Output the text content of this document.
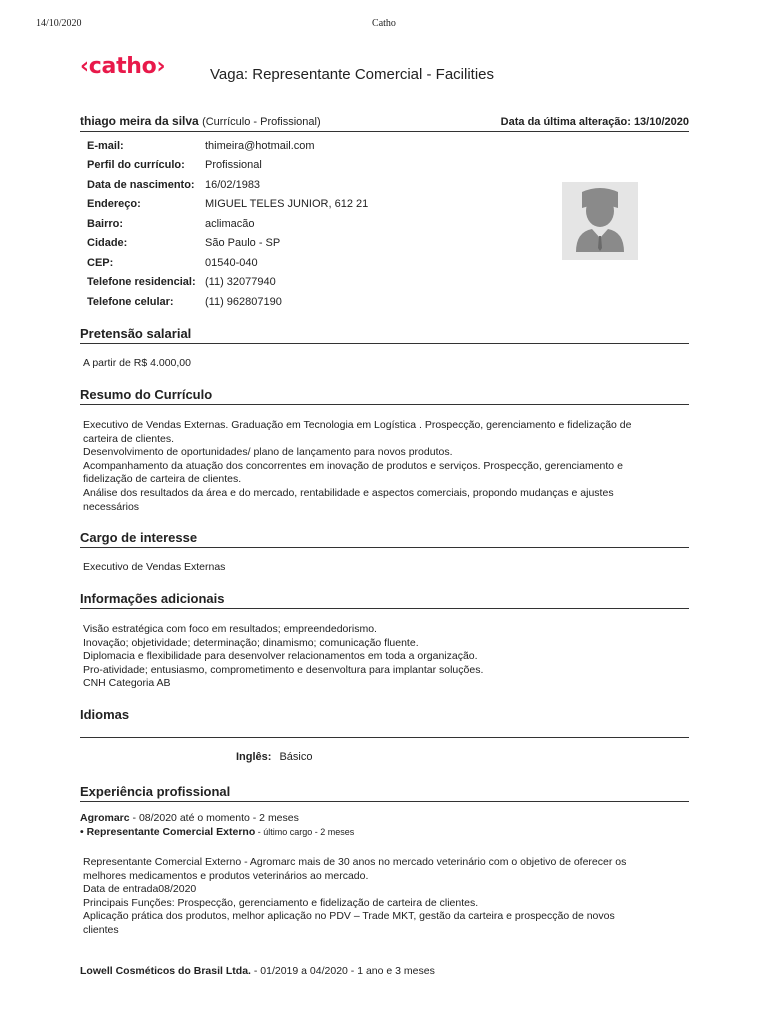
14/10/2020	Catho
‹catho›	Vaga: Representante Comercial - Facilities
thiago meira da silva (Currículo - Profissional)	Data da última alteração: 13/10/2020
E-mail:	thimeira@hotmail.com
Perfil do currículo:	Profissional
Data de nascimento: 16/02/1983
Endereço:	MIGUEL TELES JUNIOR, 612 21
Bairro:	aclimacão
Cidade:	São Paulo - SP
CEP:	01540-040
Telefone residencial: (11) 32077940
Telefone celular:	(11) 962807190
Pretensão salarial
A partir de R$ 4.000,00
Resumo do Currículo
Executivo de Vendas Externas. Graduação em Tecnologia em Logística . Prospecção, gerenciamento e fidelização de
carteira de clientes.
Desenvolvimento de oportunidades/ plano de lançamento para novos produtos.
Acompanhamento da atuação dos concorrentes em inovação de produtos e serviços. Prospecção, gerenciamento e
fidelização de carteira de clientes.
Análise dos resultados da área e do mercado, rentabilidade e aspectos comerciais, propondo mudanças e ajustes
necessários
Cargo de interesse
Executivo de Vendas Externas
Informações adicionais
Visão estratégica com foco em resultados; empreendedorismo.
Inovação; objetividade; determinação; dinamismo; comunicação fluente.
Diplomacia e flexibilidade para desenvolver relacionamentos em toda a organização.
Pro-atividade; entusiasmo, comprometimento e desenvoltura para implantar soluções.
CNH Categoria AB
Idiomas
Inglês: Básico
Experiência profissional
Agromarc - 08/2020 até o momento - 2 meses
• Representante Comercial Externo - último cargo - 2 meses
Representante Comercial Externo - Agromarc mais de 30 anos no mercado veterinário com o objetivo de oferecer os
melhores medicamentos e produtos veterinários ao mercado.
Data de entrada08/2020
Principais Funções: Prospecção, gerenciamento e fidelização de carteira de clientes.
Aplicação prática dos produtos, melhor aplicação no PDV – Trade MKT, gestão da carteira e prospecção de novos
clientes
Lowell Cosméticos do Brasil Ltda. - 01/2019 a 04/2020 - 1 ano e 3 meses
